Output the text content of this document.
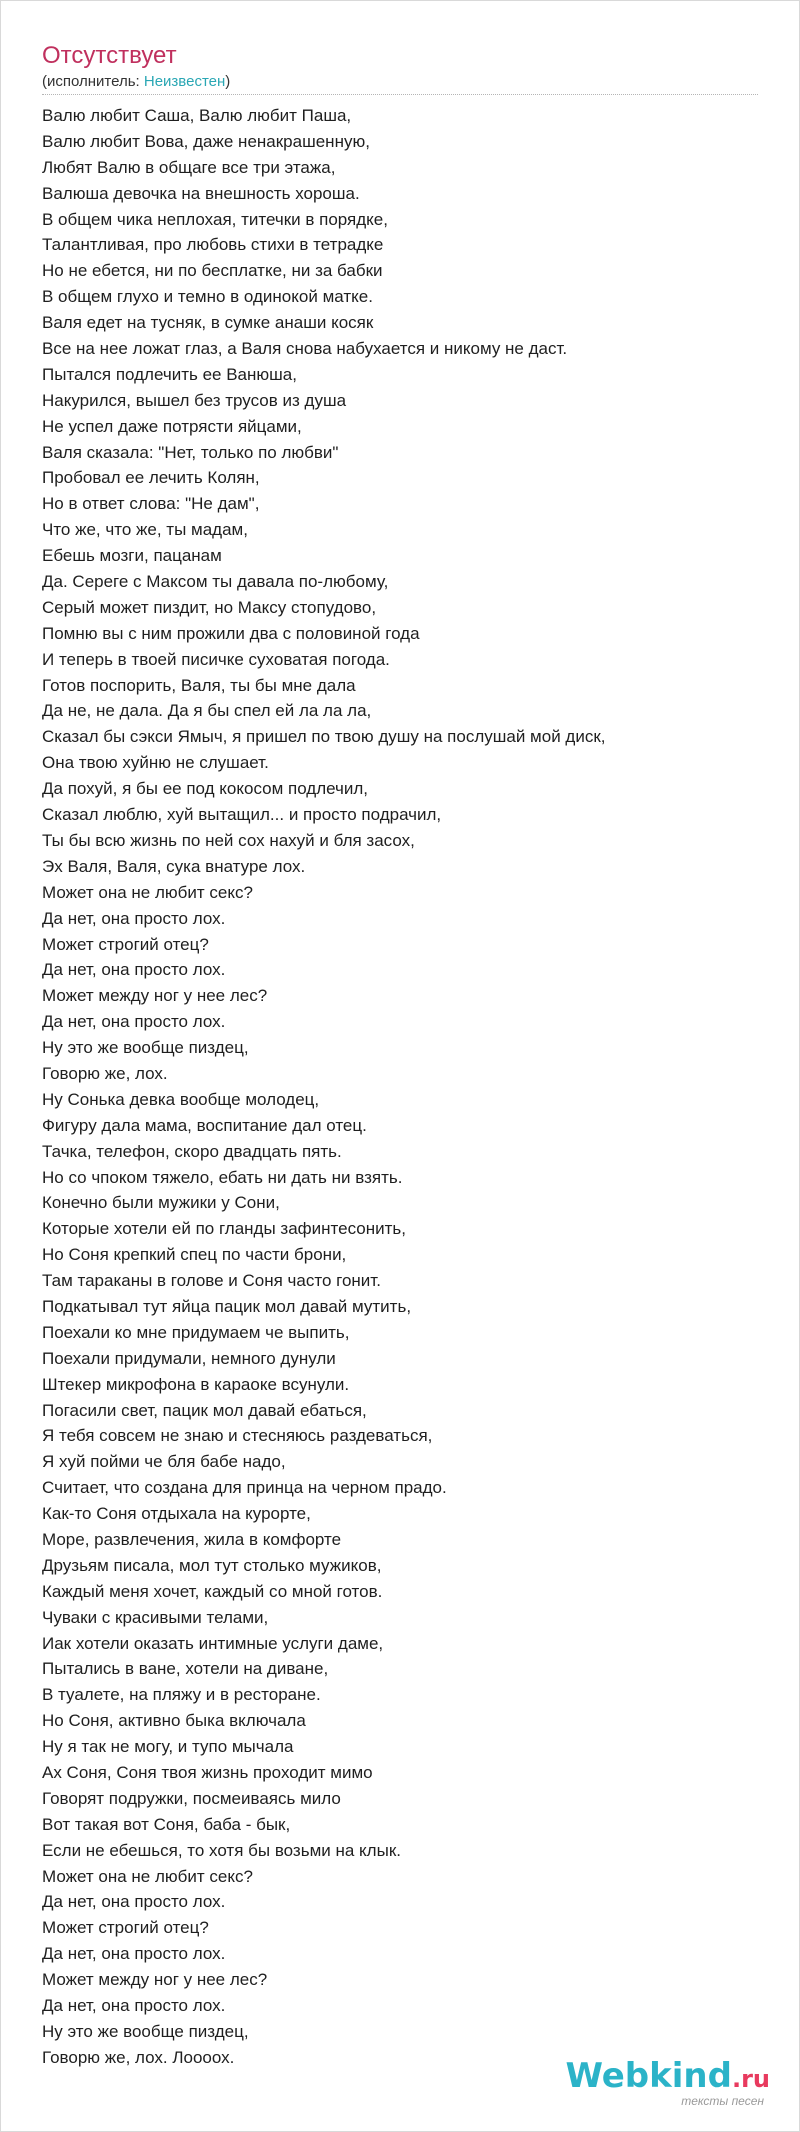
Отсутствует
(исполнитель: Неизвестен)
Валю любит Саша, Валю любит Паша,
Валю любит Вова, даже ненакрашенную,
Любят Валю в общаге все три этажа,
Валюша девочка на внешность хороша.
В общем чика неплохая, титечки в порядке,
Талантливая, про любовь стихи в тетрадке
Но не ебется, ни по бесплатке, ни за бабки
В общем глухо и темно в одинокой матке.
Валя едет на тусняк, в сумке анаши косяк
Все на нее ложат глаз, а Валя снова набухается и никому не даст.
Пытался подлечить ее Ванюша,
Накурился, вышел без трусов из душа
Не успел даже потрясти яйцами,
Валя сказала: "Нет, только по любви"
Пробовал ее лечить Колян,
Но в ответ слова: "Не дам",
Что же, что же, ты мадам,
Ебешь мозги, пацанам
Да. Сереге с Максом ты давала по-любому,
Серый может пиздит, но Максу стопудово,
Помню вы с ним прожили два с половиной года
И теперь в твоей писичке суховатая погода.
Готов поспорить, Валя, ты бы мне дала
Да не, не дала. Да я бы спел ей ла ла ла,
Сказал бы сэкси Ямыч, я пришел по твою душу на послушай мой диск,
Она твою хуйню не слушает.
Да похуй, я бы ее под кокосом подлечил,
Сказал люблю, хуй вытащил... и просто подрачил,
Ты бы всю жизнь по ней сох нахуй и бля засох,
Эх Валя, Валя, сука внатуре лох.
Может она не любит секс?
Да нет, она просто лох.
Может строгий отец?
Да нет, она просто лох.
Может между ног у нее лес?
Да нет, она просто лох.
Ну это же вообще пиздец,
Говорю же, лох.
Ну Сонька девка вообще молодец,
Фигуру дала мама, воспитание дал отец.
Тачка, телефон, скоро двадцать пять.
Но со чпоком тяжело, ебать ни дать ни взять.
Конечно были мужики у Сони,
Которые хотели ей по гланды зафинтесонить,
Но Соня крепкий спец по части брони,
Там тараканы в голове и Соня часто гонит.
Подкатывал тут яйца пацик мол давай мутить,
Поехали ко мне придумаем че выпить,
Поехали придумали, немного дунули
Штекер микрофона в караоке всунули.
Погасили свет, пацик мол давай ебаться,
Я тебя совсем не знаю и стесняюсь раздеваться,
Я хуй пойми че бля бабе надо,
Считает, что создана для принца на черном прадо.
Как-то Соня отдыхала на курорте,
Море, развлечения, жила в комфорте
Друзьям писала, мол тут столько мужиков,
Каждый меня хочет, каждый со мной готов.
Чуваки с красивыми телами,
Иак хотели оказать интимные услуги даме,
Пытались в ване, хотели на диване,
В туалете, на пляжу и в ресторане.
Но Соня, активно быка включала
Ну я так не могу, и тупо мычала
Ах Соня, Соня твоя жизнь проходит мимо
Говорят подружки, посмеиваясь мило
Вот такая вот Соня, баба - бык,
Если не ебешься, то хотя бы возьми на клык.
Может она не любит секс?
Да нет, она просто лох.
Может строгий отец?
Да нет, она просто лох.
Может между ног у нее лес?
Да нет, она просто лох.
Ну это же вообще пиздец,
Говорю же, лох. Лоооох.	Webkind.ru
тексты песен
